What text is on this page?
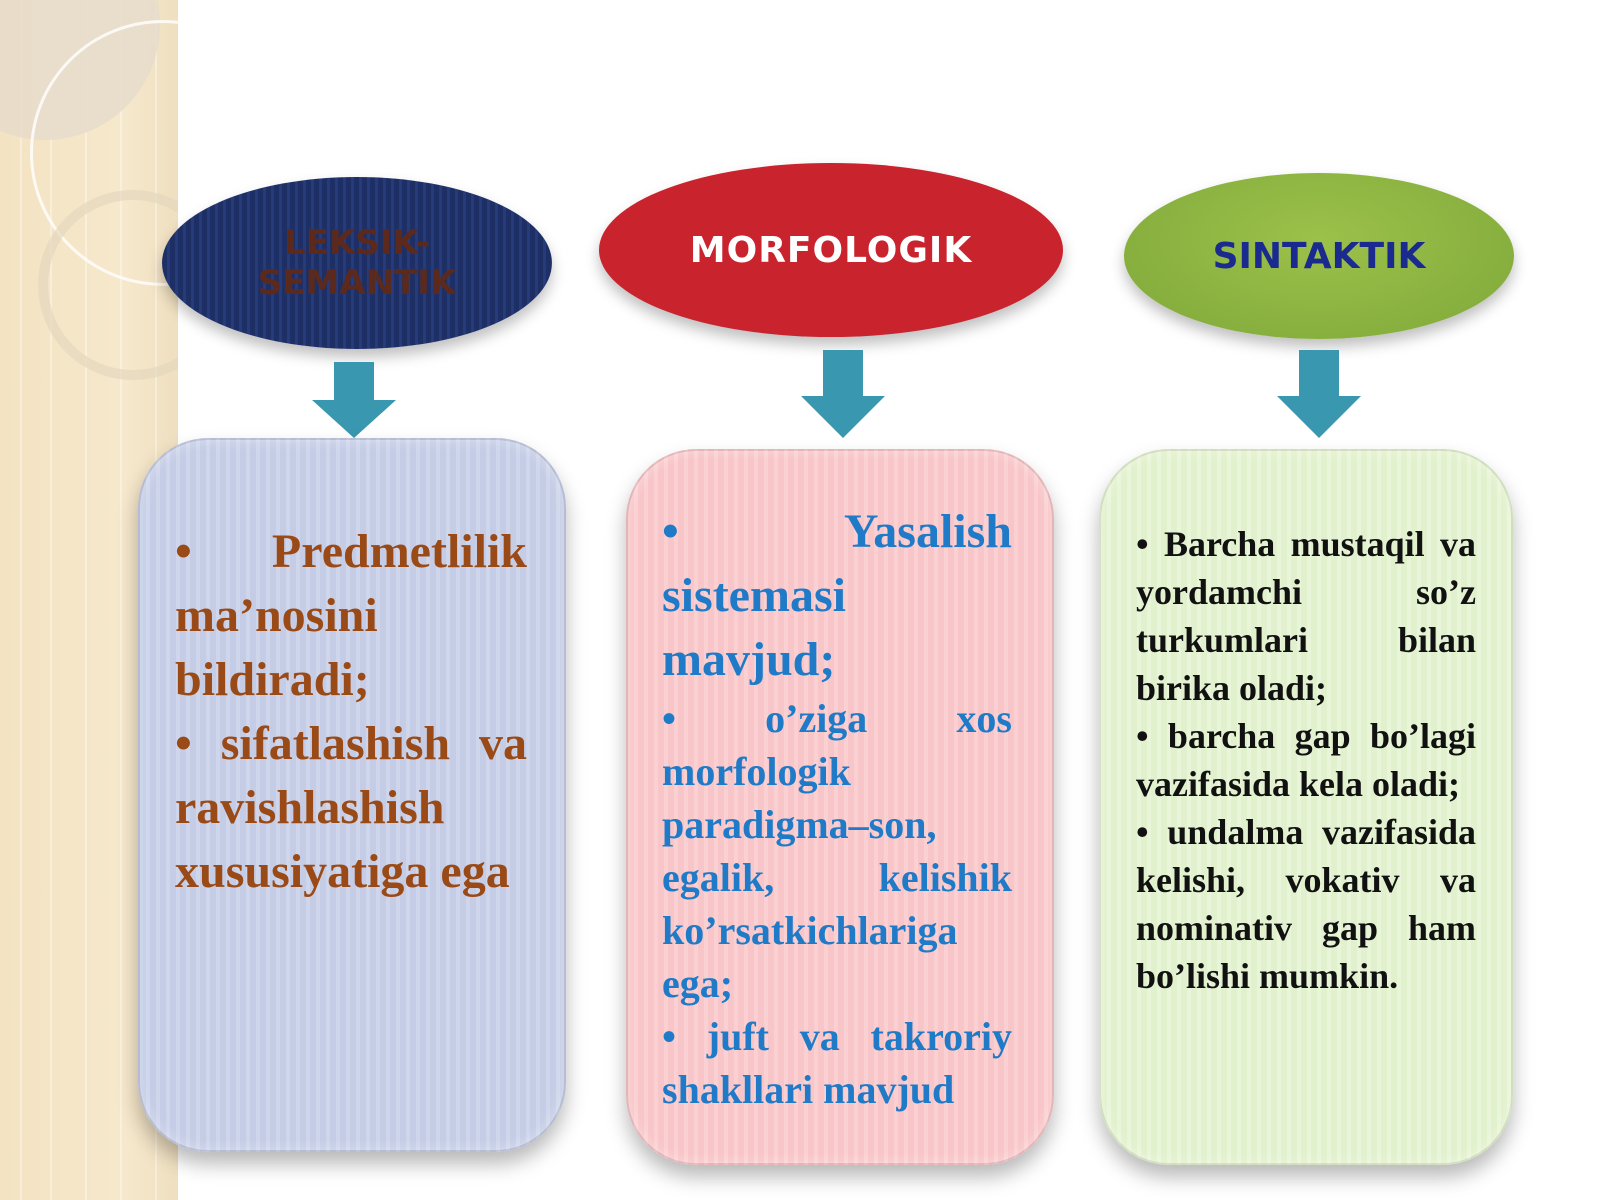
LEKSIK-
SEMANTIK
MORFOLOGIK	SINTAKTIK
• Predmetlilik ma’nosini bildiradi;
• sifatlashish va ravishlashish xususiyatiga ega
• Yasalish sistemasi mavjud;
• o’ziga xos morfologik paradigma–son, egalik, kelishik ko’rsatkichlariga ega;
• juft va takroriy shakllari mavjud
• Barcha mustaqil va yordamchi so’z turkumlari bilan birika oladi;
• barcha gap bo’lagi vazifasida kela oladi;
• undalma vazifasida kelishi, vokativ va nominativ gap ham bo’lishi mumkin.
